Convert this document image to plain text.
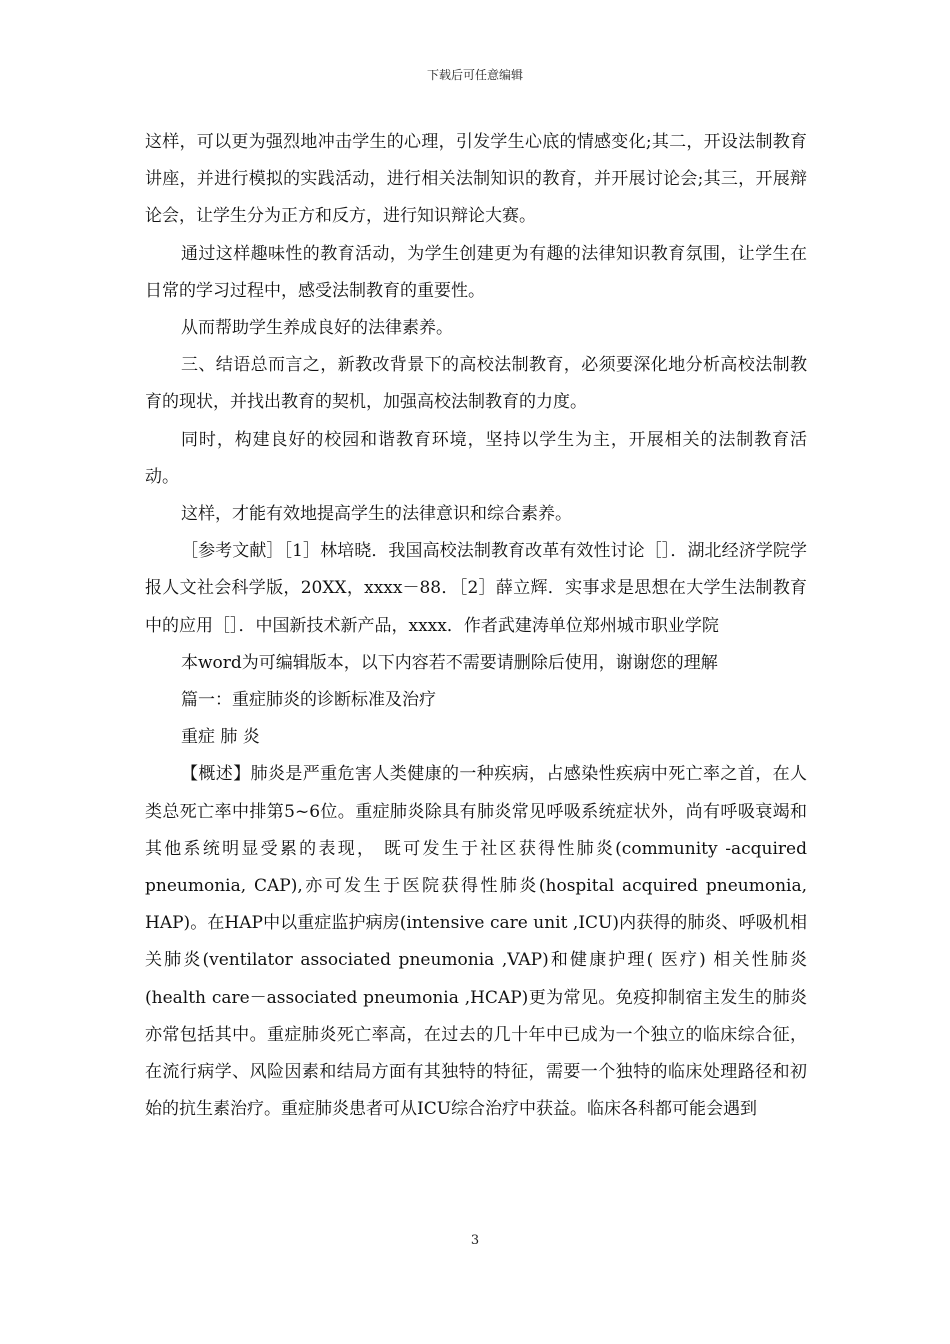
下载后可任意编辑

这样，可以更为强烈地冲击学生的心理，引发学生心底的情感变化;其二，开设法制教育讲座，并进行模拟的实践活动，进行相关法制知识的教育，并开展讨论会;其三，开展辩论会，让学生分为正方和反方，进行知识辩论大赛。

通过这样趣味性的教育活动，为学生创建更为有趣的法律知识教育氛围，让学生在日常的学习过程中，感受法制教育的重要性。

从而帮助学生养成良好的法律素养。

三、结语总而言之，新教改背景下的高校法制教育，必须要深化地分析高校法制教育的现状，并找出教育的契机，加强高校法制教育的力度。

同时，构建良好的校园和谐教育环境，坚持以学生为主，开展相关的法制教育活动。

这样，才能有效地提高学生的法律意识和综合素养。

［参考文献］［1］林培晓．我国高校法制教育改革有效性讨论［］．湖北经济学院学报人文社会科学版，20XX，xxxx－88．［2］薛立辉．实事求是思想在大学生法制教育中的应用［］．中国新技术新产品，xxxx．作者武建涛单位郑州城市职业学院

本word为可编辑版本，以下内容若不需要请删除后使用，谢谢您的理解

篇一：重症肺炎的诊断标准及治疗

重症 肺 炎

【概述】肺炎是严重危害人类健康的一种疾病，占感染性疾病中死亡率之首，在人类总死亡率中排第5~6位。重症肺炎除具有肺炎常见呼吸系统症状外，尚有呼吸衰竭和其他系统明显受累的表现， 既可发生于社区获得性肺炎(community -acquired pneumonia, CAP),亦可发生于医院获得性肺炎(hospital acquired pneumonia, HAP)。在HAP中以重症监护病房(intensive care unit ,ICU)内获得的肺炎、呼吸机相关肺炎(ventilator associated pneumonia ,VAP)和健康护理( 医疗) 相关性肺炎(health care－associated pneumonia ,HCAP)更为常见。免疫抑制宿主发生的肺炎亦常包括其中。重症肺炎死亡率高，在过去的几十年中已成为一个独立的临床综合征，在流行病学、风险因素和结局方面有其独特的特征，需要一个独特的临床处理路径和初始的抗生素治疗。重症肺炎患者可从ICU综合治疗中获益。临床各科都可能会遇到

3
